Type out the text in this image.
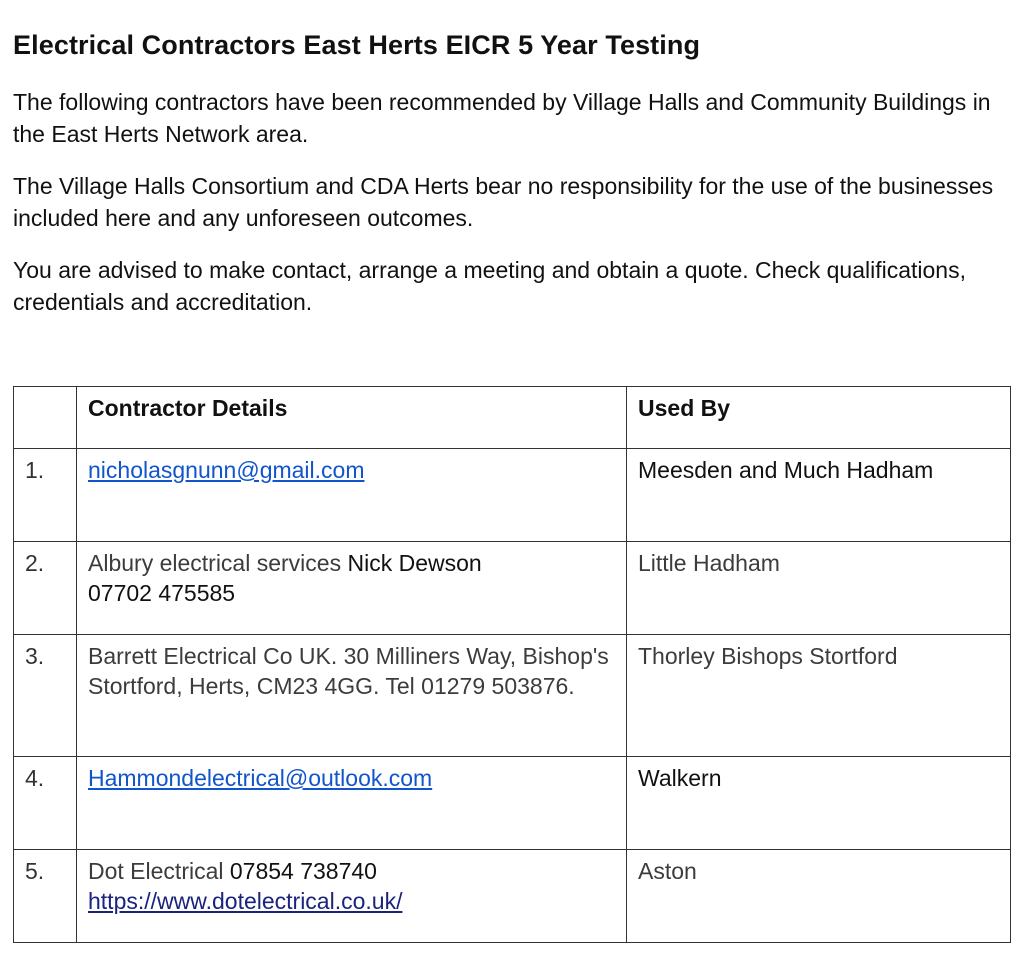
Electrical Contractors East Herts EICR 5 Year Testing

The following contractors have been recommended by Village Halls and Community Buildings in the East Herts Network area.

The Village Halls Consortium and CDA Herts bear no responsibility for the use of the businesses included here and any unforeseen outcomes.

You are advised to make contact, arrange a meeting and obtain a quote. Check qualifications, credentials and accreditation.

	Contractor Details	Used By
1.	nicholasgnunn@gmail.com	Meesden and Much Hadham
2.	Albury electrical services Nick Dewson
07702 475585	Little Hadham
3.	Barrett Electrical Co UK. 30 Milliners Way, Bishop's Stortford, Herts, CM23 4GG. Tel 01279 503876.	Thorley Bishops Stortford
4.	Hammondelectrical@outlook.com	Walkern
5.	Dot Electrical 07854 738740
https://www.dotelectrical.co.uk/	Aston
